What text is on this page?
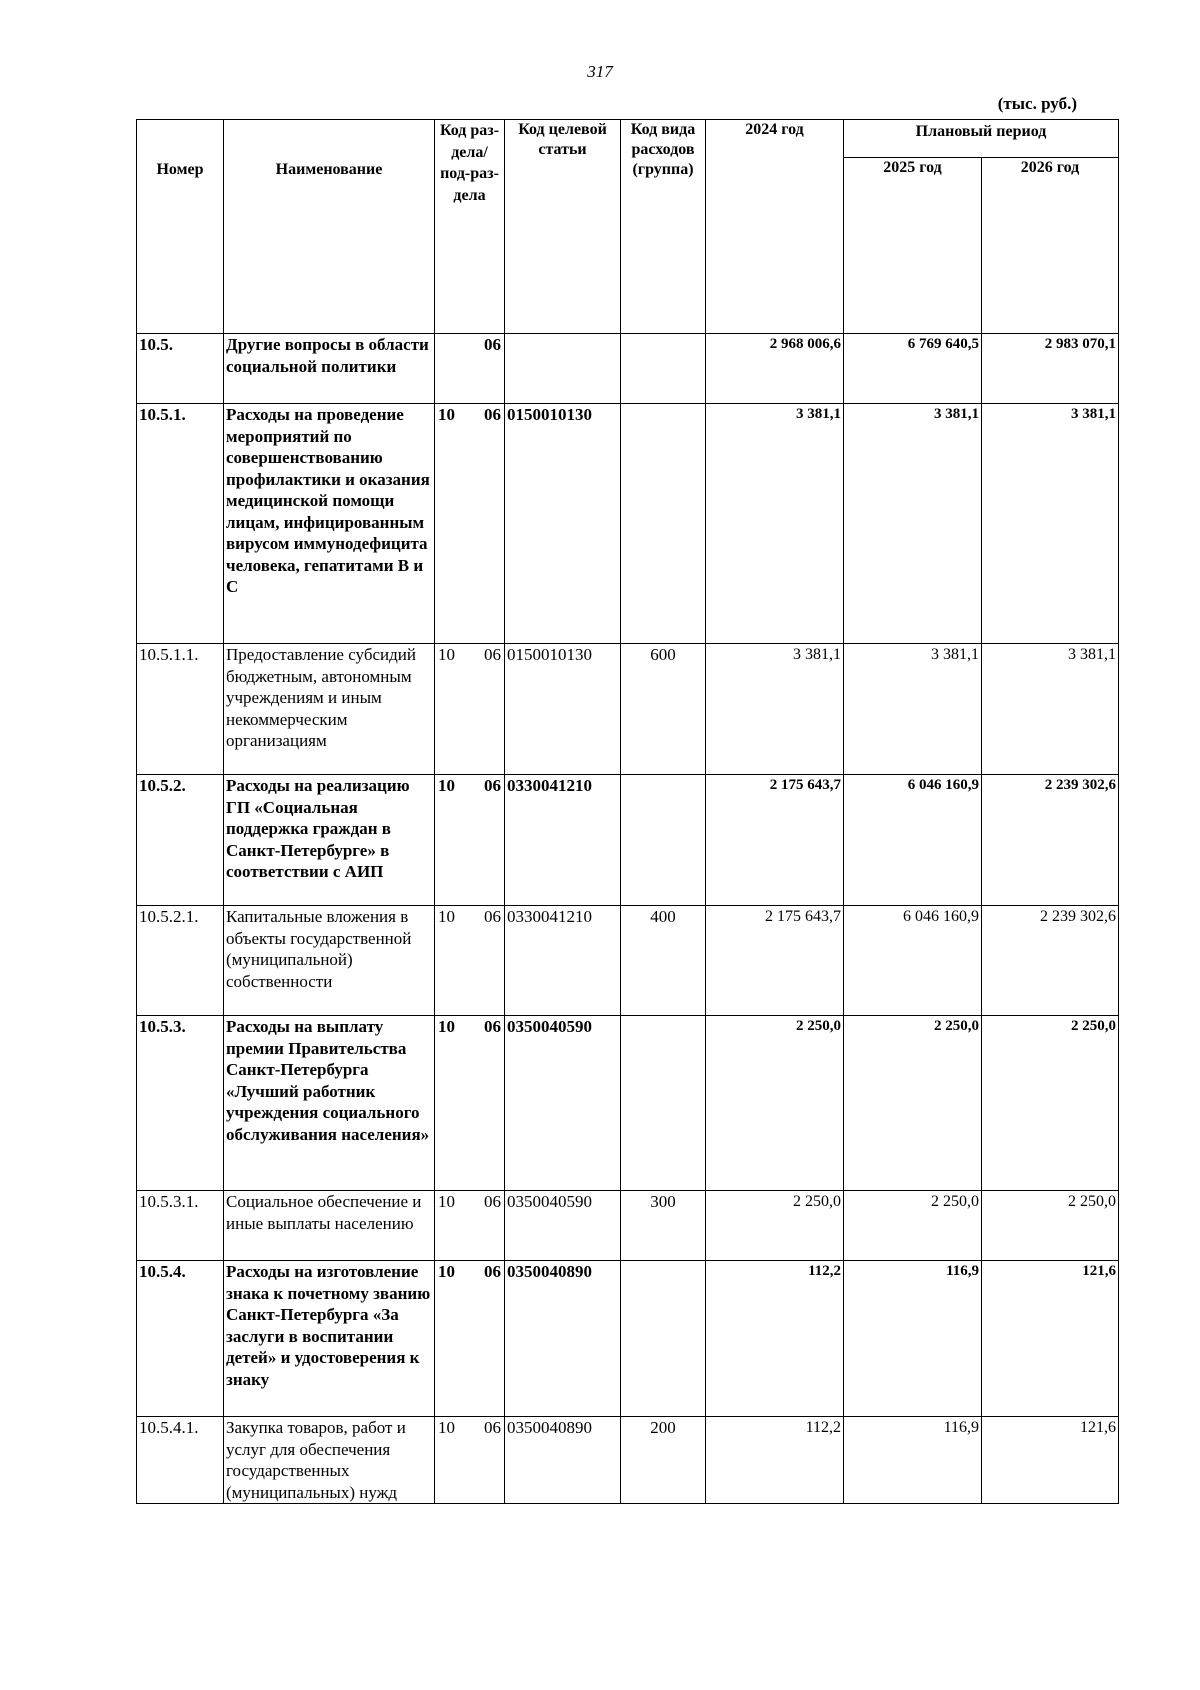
317
(тыс. руб.)
Номер	Наименование	Код раз-дела/ под-раз-дела	Код целевой статьи	Код вида расходов (группа)	2024 год	Плановый период	
						2025 год	2026 год
10.5.	Другие вопросы в области социальной политики	06			2 968 006,6	6 769 640,5	2 983 070,1
10.5.1.	Расходы на проведение мероприятий по совершенствованию профилактики и оказания медицинской помощи лицам, инфицированным вирусом иммунодефицита человека, гепатитами В и С	10 06	0150010130		3 381,1	3 381,1	3 381,1
10.5.1.1.	Предоставление субсидий бюджетным, автономным учреждениям и иным некоммерческим организациям	10 06	0150010130	600	3 381,1	3 381,1	3 381,1
10.5.2.	Расходы на реализацию ГП «Социальная поддержка граждан в Санкт-Петербурге» в соответствии с АИП	10 06	0330041210		2 175 643,7	6 046 160,9	2 239 302,6
10.5.2.1.	Капитальные вложения в объекты государственной (муниципальной) собственности	10 06	0330041210	400	2 175 643,7	6 046 160,9	2 239 302,6
10.5.3.	Расходы на выплату премии Правительства Санкт-Петербурга «Лучший работник учреждения социального обслуживания населения»	10 06	0350040590		2 250,0	2 250,0	2 250,0
10.5.3.1.	Социальное обеспечение и иные выплаты населению	10 06	0350040590	300	2 250,0	2 250,0	2 250,0
10.5.4.	Расходы на изготовление знака к почетному званию Санкт-Петербурга «За заслуги в воспитании детей» и удостоверения к знаку	10 06	0350040890		112,2	116,9	121,6
10.5.4.1.	Закупка товаров, работ и услуг для обеспечения государственных (муниципальных) нужд	10 06	0350040890	200	112,2	116,9	121,6
